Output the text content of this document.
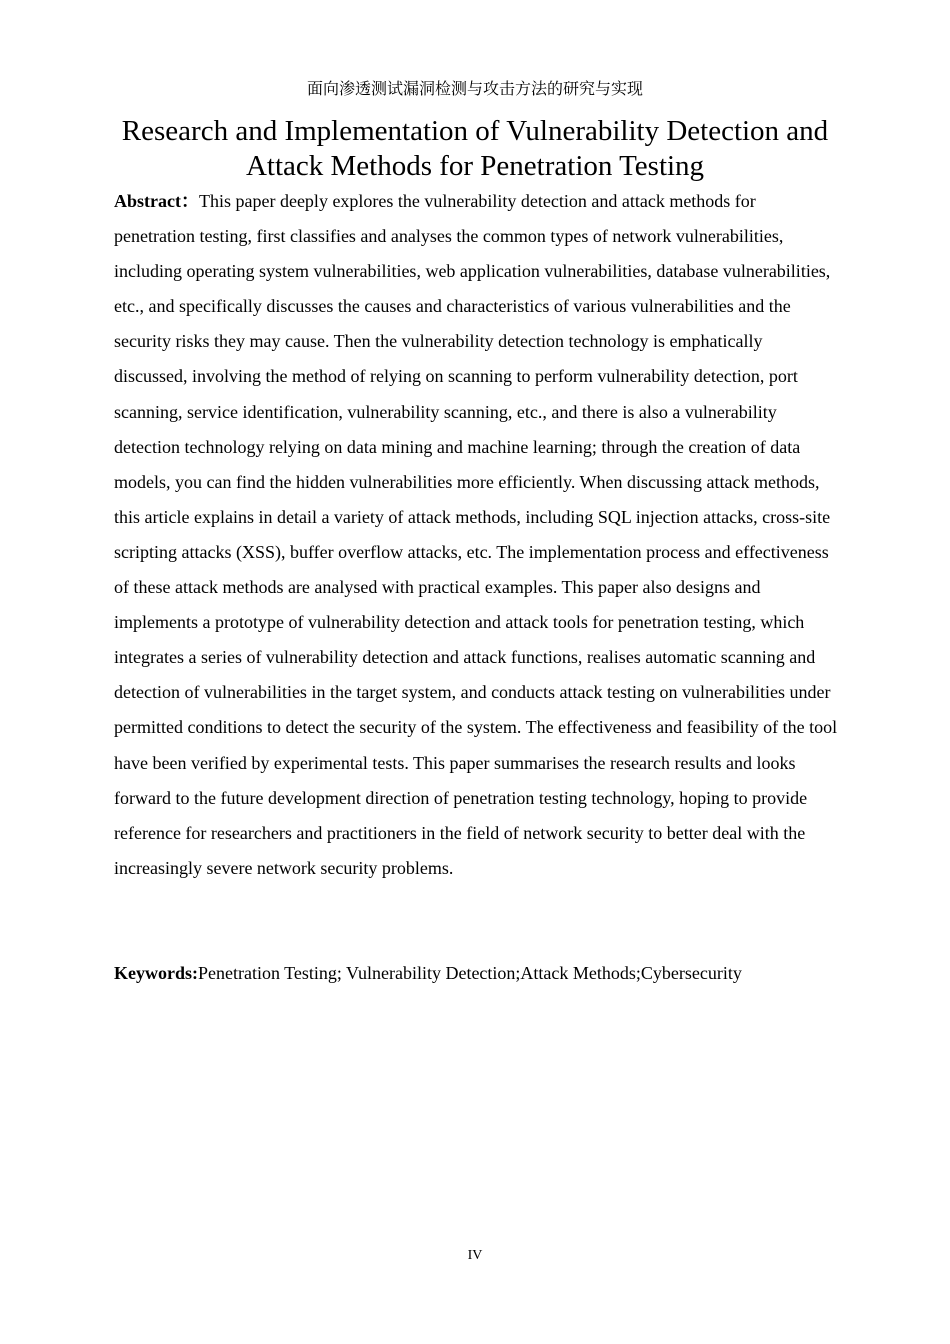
面向渗透测试漏洞检测与攻击方法的研究与实现
Research and Implementation of Vulnerability Detection and Attack Methods for Penetration Testing

Abstract：This paper deeply explores the vulnerability detection and attack methods for penetration testing, first classifies and analyses the common types of network vulnerabilities, including operating system vulnerabilities, web application vulnerabilities, database vulnerabilities, etc., and specifically discusses the causes and characteristics of various vulnerabilities and the security risks they may cause. Then the vulnerability detection technology is emphatically discussed, involving the method of relying on scanning to perform vulnerability detection, port scanning, service identification, vulnerability scanning, etc., and there is also a vulnerability detection technology relying on data mining and machine learning; through the creation of data models, you can find the hidden vulnerabilities more efficiently. When discussing attack methods, this article explains in detail a variety of attack methods, including SQL injection attacks, cross-site scripting attacks (XSS), buffer overflow attacks, etc. The implementation process and effectiveness of these attack methods are analysed with practical examples. This paper also designs and implements a prototype of vulnerability detection and attack tools for penetration testing, which integrates a series of vulnerability detection and attack functions, realises automatic scanning and detection of vulnerabilities in the target system, and conducts attack testing on vulnerabilities under permitted conditions to detect the security of the system. The effectiveness and feasibility of the tool have been verified by experimental tests. This paper summarises the research results and looks forward to the future development direction of penetration testing technology, hoping to provide reference for researchers and practitioners in the field of network security to better deal with the increasingly severe network security problems.

Keywords:Penetration Testing; Vulnerability Detection;Attack Methods;Cybersecurity

IV
